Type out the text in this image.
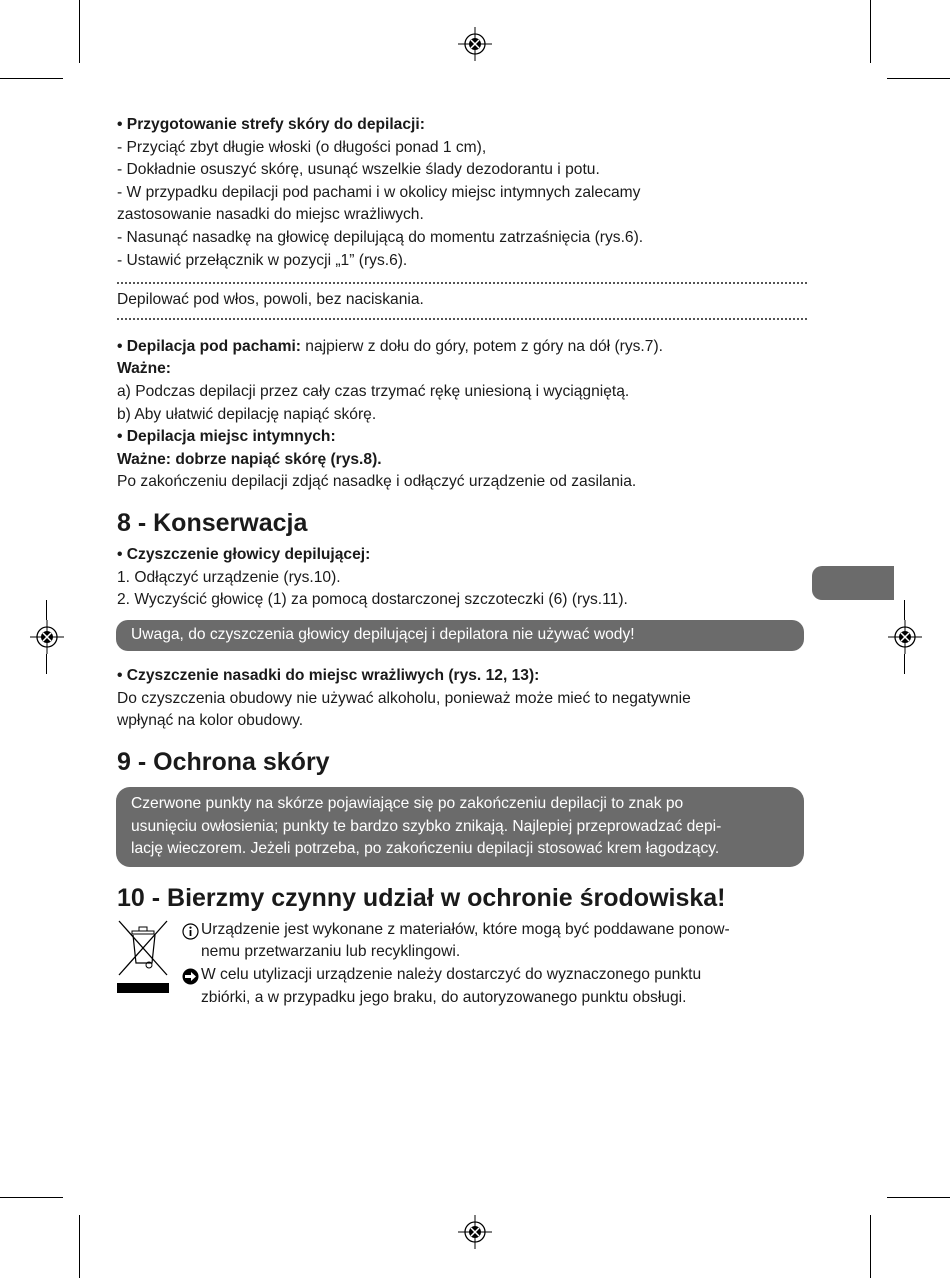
• Przygotowanie strefy skóry do depilacji:

- Przyciąć zbyt długie włoski (o długości ponad 1 cm),

- Dokładnie osuszyć skórę, usunąć wszelkie ślady dezodorantu i potu.

- W przypadku depilacji pod pachami i w okolicy miejsc intymnych zalecamy

zastosowanie nasadki do miejsc wrażliwych.

- Nasunąć nasadkę na głowicę depilującą do momentu zatrzaśnięcia (rys.6).

- Ustawić przełącznik w pozycji „1” (rys.6).

Depilować pod włos, powoli, bez naciskania.

• Depilacja pod pachami: najpierw z dołu do góry, potem z góry na dół (rys.7).

Ważne:

a) Podczas depilacji przez cały czas trzymać rękę uniesioną i wyciągniętą.

b) Aby ułatwić depilację napiąć skórę.

• Depilacja miejsc intymnych:

Ważne: dobrze napiąć skórę (rys.8).

Po zakończeniu depilacji zdjąć nasadkę i odłączyć urządzenie od zasilania.

8 - Konserwacja

• Czyszczenie głowicy depilującej:

1. Odłączyć urządzenie (rys.10).

2. Wyczyścić głowicę (1) za pomocą dostarczonej szczoteczki (6) (rys.11).

Uwaga, do czyszczenia głowicy depilującej i depilatora nie używać wody!

• Czyszczenie nasadki do miejsc wrażliwych (rys. 12, 13):

Do czyszczenia obudowy nie używać alkoholu, ponieważ może mieć to negatywnie

wpłynąć na kolor obudowy.

9 - Ochrona skóry
Czerwone punkty na skórze pojawiające się po zakończeniu depilacji to znak po
usunięciu owłosienia; punkty te bardzo szybko znikają. Najlepiej przeprowadzać depi-
lację wieczorem. Jeżeli potrzeba, po zakończeniu depilacji stosować krem łagodzący.
10 - Bierzmy czynny udział w ochronie środowiska!
Urządzenie jest wykonane z materiałów, które mogą być poddawane ponow-
nemu przetwarzaniu lub recyklingowi.
W celu utylizacji urządzenie należy dostarczyć do wyznaczonego punktu
zbiórki, a w przypadku jego braku, do autoryzowanego punktu obsługi.
